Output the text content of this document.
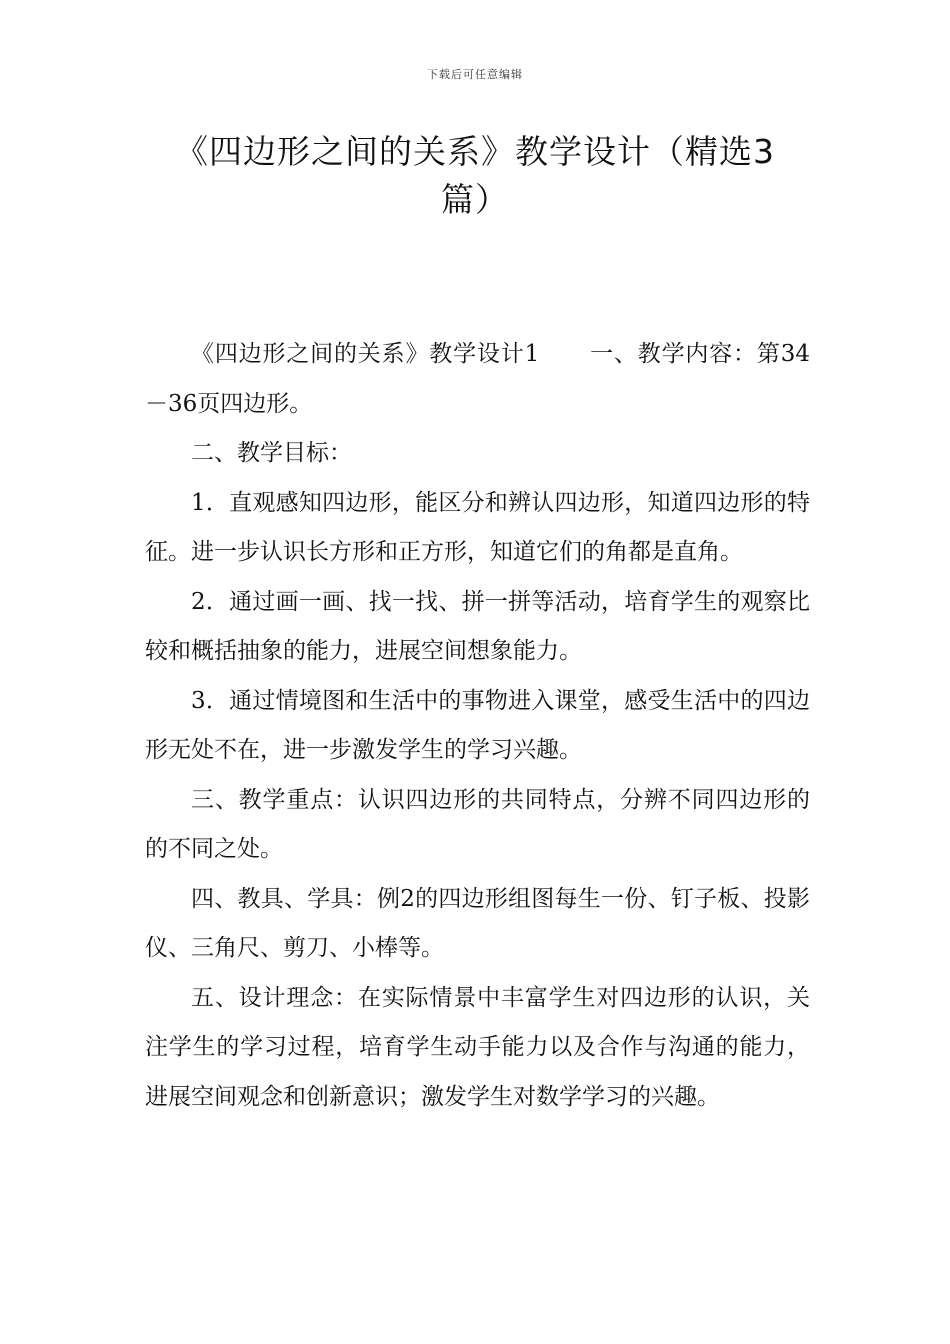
下载后可任意编辑
《四边形之间的关系》教学设计（精选3
篇）

《四边形之间的关系》教学设计1 一、教学内容：第34－36页四边形。

二、教学目标：

1．直观感知四边形，能区分和辨认四边形，知道四边形的特征。进一步认识长方形和正方形，知道它们的角都是直角。

2．通过画一画、找一找、拼一拼等活动，培育学生的观察比较和概括抽象的能力，进展空间想象能力。

3．通过情境图和生活中的事物进入课堂，感受生活中的四边形无处不在，进一步激发学生的学习兴趣。

三、教学重点：认识四边形的共同特点，分辨不同四边形的的不同之处。

四、教具、学具：例2的四边形组图每生一份、钉子板、投影仪、三角尺、剪刀、小棒等。

五、设计理念：在实际情景中丰富学生对四边形的认识，关注学生的学习过程，培育学生动手能力以及合作与沟通的能力，进展空间观念和创新意识；激发学生对数学学习的兴趣。
